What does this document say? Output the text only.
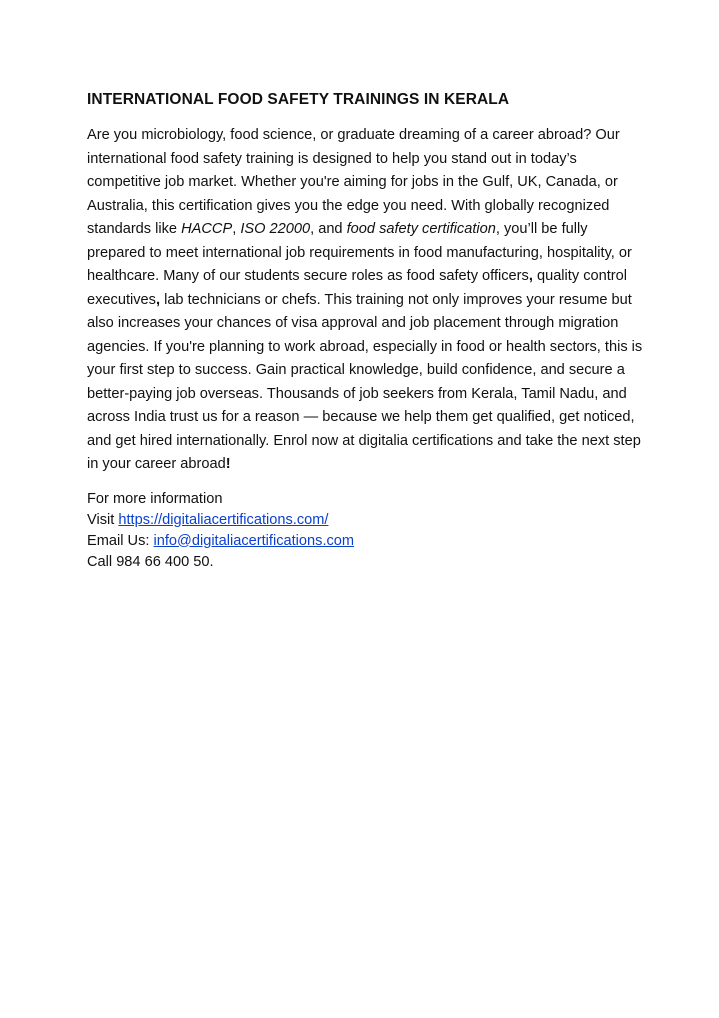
INTERNATIONAL FOOD SAFETY TRAININGS IN KERALA

Are you microbiology, food science, or graduate dreaming of a career abroad? Our international food safety training is designed to help you stand out in today’s competitive job market. Whether you're aiming for jobs in the Gulf, UK, Canada, or Australia, this certification gives you the edge you need. With globally recognized standards like HACCP, ISO 22000, and food safety certification, you’ll be fully prepared to meet international job requirements in food manufacturing, hospitality, or healthcare. Many of our students secure roles as food safety officers, quality control executives, lab technicians or chefs. This training not only improves your resume but also increases your chances of visa approval and job placement through migration agencies. If you're planning to work abroad, especially in food or health sectors, this is your first step to success. Gain practical knowledge, build confidence, and secure a better-paying job overseas. Thousands of job seekers from Kerala, Tamil Nadu, and across India trust us for a reason — because we help them get qualified, get noticed, and get hired internationally. Enrol now at digitalia certifications and take the next step in your career abroad!

For more information
Visit https://digitaliacertifications.com/
Email Us: info@digitaliacertifications.com
Call 984 66 400 50.
